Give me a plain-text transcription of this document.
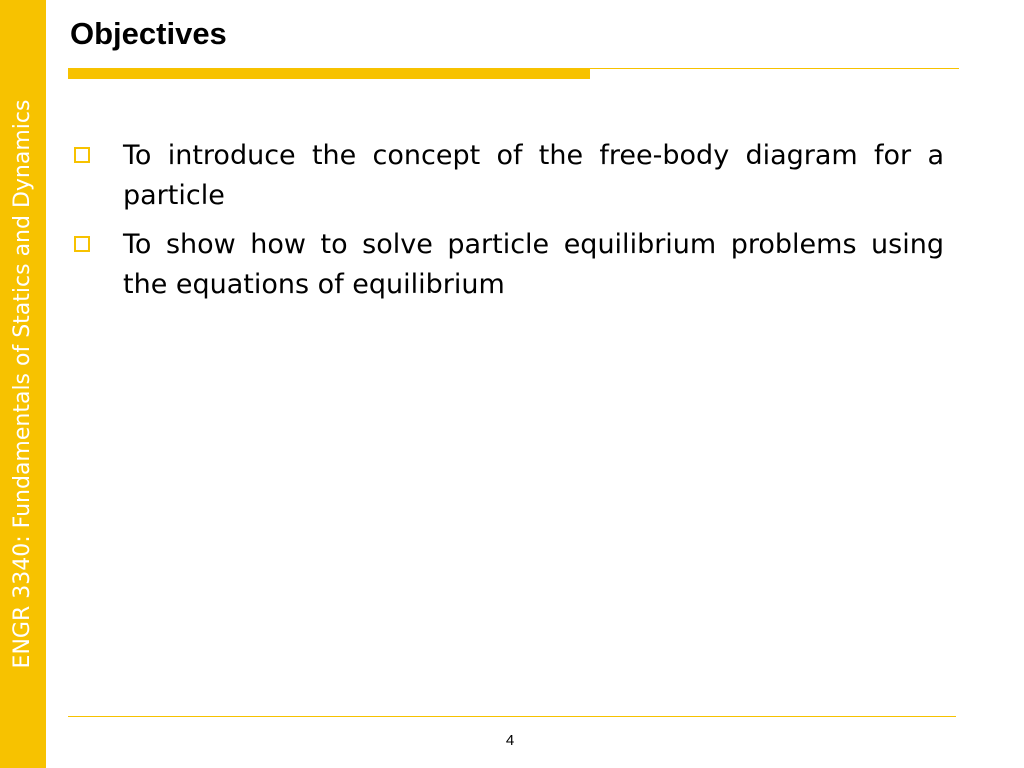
ENGR 3340: Fundamentals of Statics and Dynamics
Objectives
To introduce the concept of the free-body diagram for a particle
To show how to solve particle equilibrium problems using the equations of equilibrium
4
